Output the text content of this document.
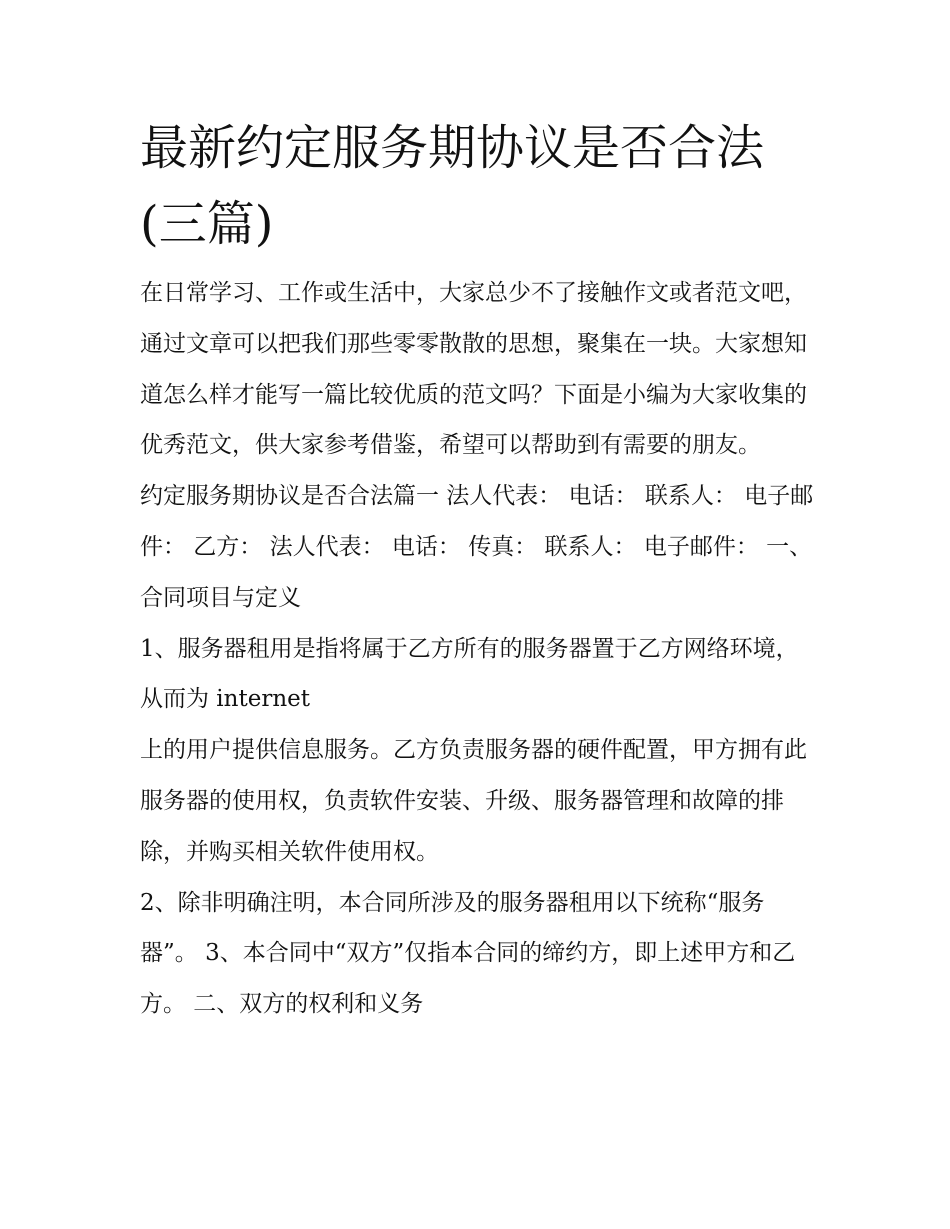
最新约定服务期协议是否合法
(三篇)

在日常学习、工作或生活中，大家总少不了接触作文或者范文吧，通过文章可以把我们那些零零散散的思想，聚集在一块。大家想知道怎么样才能写一篇比较优质的范文吗？下面是小编为大家收集的优秀范文，供大家参考借鉴，希望可以帮助到有需要的朋友。

约定服务期协议是否合法篇一 法人代表： 电话： 联系人： 电子邮件： 乙方： 法人代表： 电话： 传真： 联系人： 电子邮件： 一、合同项目与定义

1、服务器租用是指将属于乙方所有的服务器置于乙方网络环境，从而为 internet

上的用户提供信息服务。乙方负责服务器的硬件配置，甲方拥有此服务器的使用权，负责软件安装、升级、服务器管理和故障的排除，并购买相关软件使用权。

2、除非明确注明，本合同所涉及的服务器租用以下统称“服务器”。 3、本合同中“双方”仅指本合同的缔约方，即上述甲方和乙方。 二、双方的权利和义务
